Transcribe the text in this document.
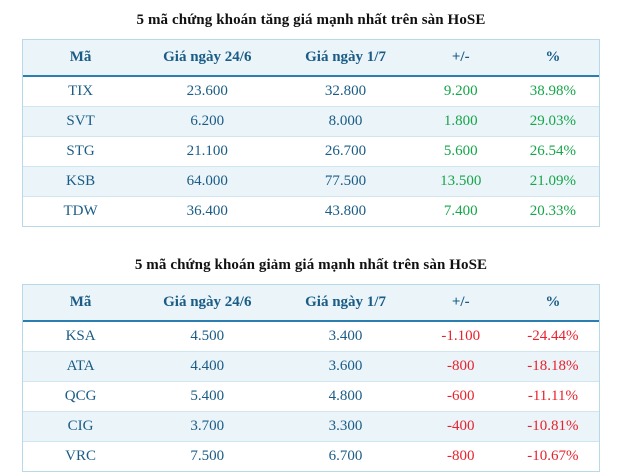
5 mã chứng khoán tăng giá mạnh nhất trên sàn HoSE
Mã	Giá ngày 24/6	Giá ngày 1/7	+/-	%
TIX	23.600	32.800	9.200	38.98%
SVT	6.200	8.000	1.800	29.03%
STG	21.100	26.700	5.600	26.54%
KSB	64.000	77.500	13.500	21.09%
TDW	36.400	43.800	7.400	20.33%
5 mã chứng khoán giảm giá mạnh nhất trên sàn HoSE
Mã	Giá ngày 24/6	Giá ngày 1/7	+/-	%
KSA	4.500	3.400	-1.100	-24.44%
ATA	4.400	3.600	-800	-18.18%
QCG	5.400	4.800	-600	-11.11%
CIG	3.700	3.300	-400	-10.81%
VRC	7.500	6.700	-800	-10.67%
